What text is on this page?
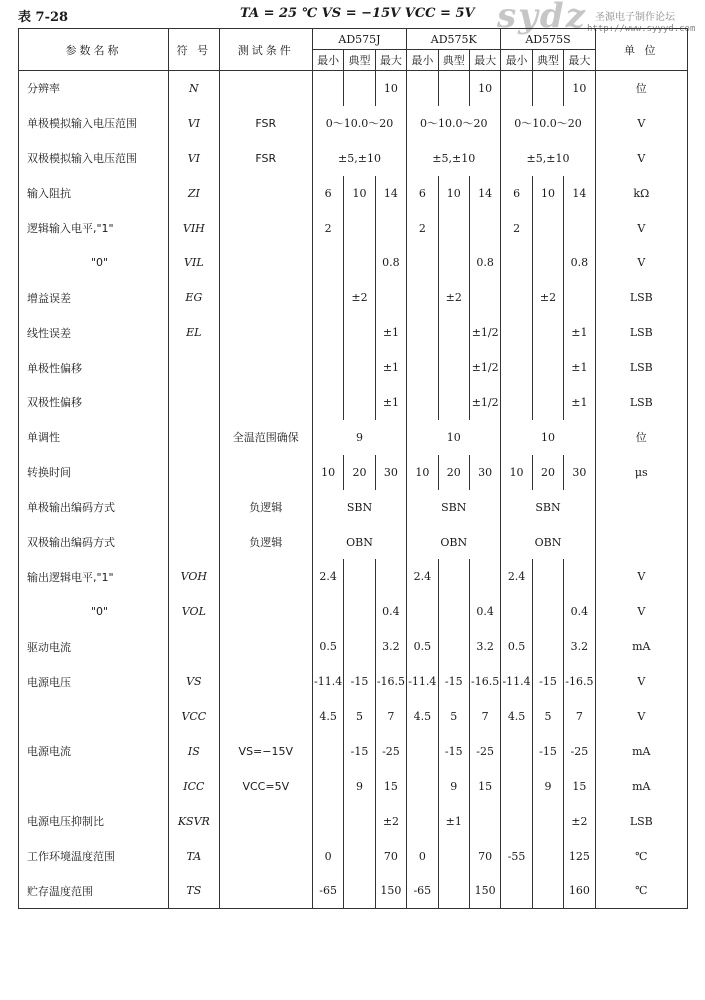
表 7-28	TA = 25 ℃ VS = −15V VCC = 5V sydz 圣源电子制作论坛
http://www.syyyd.com
参数名称	符 号	测试条件	AD575J			AD575K			AD575S			单 位
			最小	典型	最大	最小	典型	最大	最小	典型	最大	
分辨率	N				10			10			10	位
单极模拟输入电压范围	VI	FSR	0～10.0～20			0～10.0～20			0～10.0～20			V
双极模拟输入电压范围	VI	FSR	±5,±10			±5,±10			±5,±10			V
输入阻抗	ZI		6	10	14	6	10	14	6	10	14	kΩ
逻辑输入电平,"1"	VIH		2			2			2			V
"0"	VIL				0.8			0.8			0.8	V
增益误差	EG			±2			±2			±2		LSB
线性误差	EL				±1			±1/2			±1	LSB
单极性偏移					±1			±1/2			±1	LSB
双极性偏移					±1			±1/2			±1	LSB
单调性		全温范围确保	9			10			10			位
转换时间			10	20	30	10	20	30	10	20	30	μs
单极输出编码方式		负逻辑	SBN			SBN			SBN			
双极输出编码方式		负逻辑	OBN			OBN			OBN			
输出逻辑电平,"1"	VOH		2.4			2.4			2.4			V
"0"	VOL				0.4			0.4			0.4	V
驱动电流			0.5		3.2	0.5		3.2	0.5		3.2	mA
电源电压	VS		-11.4	-15	-16.5	-11.4	-15	-16.5	-11.4	-15	-16.5	V
	VCC		4.5	5	7	4.5	5	7	4.5	5	7	V
电源电流	IS	VS=−15V		-15	-25		-15	-25		-15	-25	mA
	ICC	VCC=5V		9	15		9	15		9	15	mA
电源电压抑制比	KSVR				±2		±1				±2	LSB
工作环境温度范围	TA		0		70	0		70	-55		125	℃
贮存温度范围	TS		-65		150	-65		150			160	℃
